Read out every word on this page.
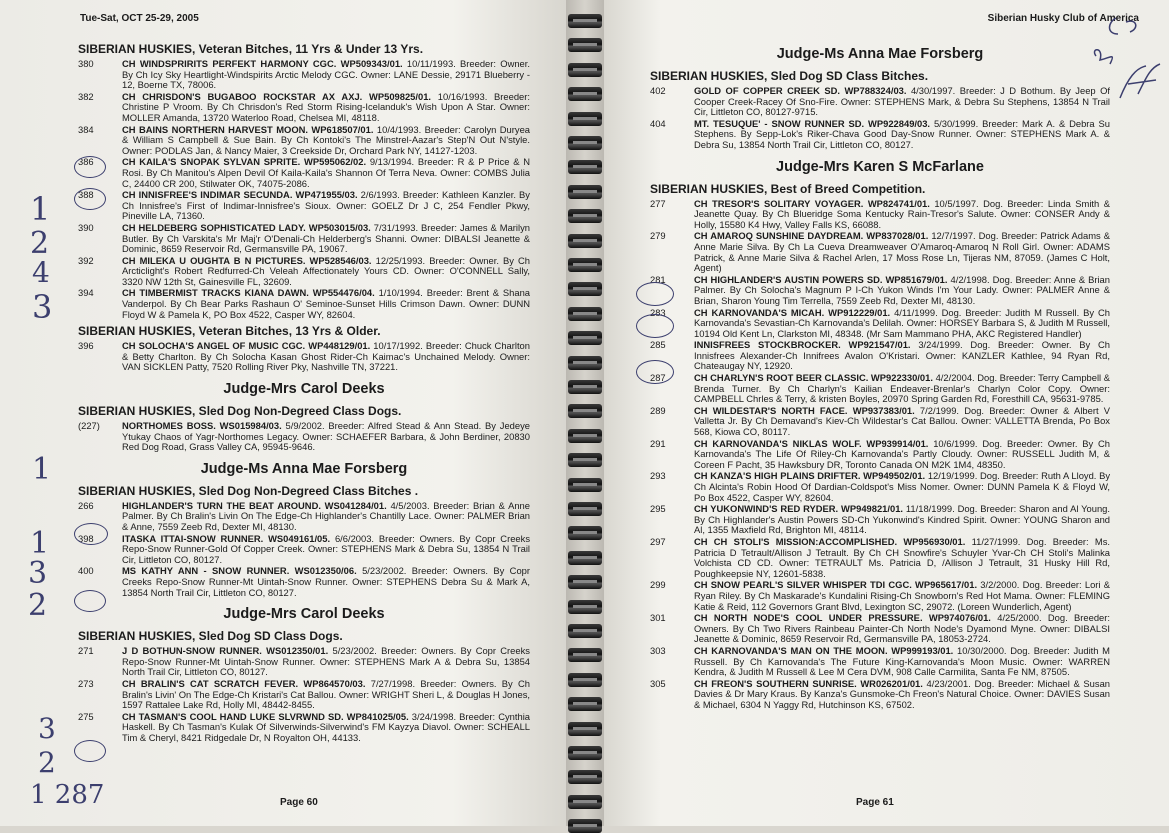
Tue-Sat, OCT 25-29, 2005
SIBERIAN HUSKIES, Veteran Bitches, 11 Yrs & Under 13 Yrs.
380	CH WINDSPRIRITS PERFEKT HARMONY CGC. WP509343/01. 10/11/1993. Breeder: Owner. By Ch Icy Sky Heartlight-Windspirits Arctic Melody CGC. Owner: LANE Dessie, 29171 Blueberry - 12, Boerne TX, 78006.
382	CH CHRISDON'S BUGABOO ROCKSTAR AX AXJ. WP509825/01. 10/16/1993. Breeder: Christine P Vroom. By Ch Chrisdon's Red Storm Rising-Icelanduk's Wish Upon A Star. Owner: MOLLER Amanda, 13720 Waterloo Road, Chelsea MI, 48118.
384	CH BAINS NORTHERN HARVEST MOON. WP618507/01. 10/4/1993. Breeder: Carolyn Duryea & William S Campbell & Sue Bain. By Ch Kontoki's The Minstrel-Aazar's Step'N Out N'style. Owner: PODLAS Jan, & Nancy Maier, 3 Creekside Dr, Orchard Park NY, 14127-1203.
386	CH KAILA'S SNOPAK SYLVAN SPRITE. WP595062/02. 9/13/1994. Breeder: R & P Price & N Rosi. By Ch Manitou's Alpen Devil Of Kaila-Kaila's Shannon Of Terra Neva. Owner: COMBS Julia C, 24400 CR 200, Stilwater OK, 74075-2086.
388	CH INNISFREE'S INDIMAR SECUNDA. WP471955/03. 2/6/1993. Breeder: Kathleen Kanzler. By Ch Innisfree's First of Indimar-Innisfree's Sioux. Owner: GOELZ Dr J C, 254 Fendler Pkwy, Pineville LA, 71360.
390	CH HELDEBERG SOPHISTICATED LADY. WP503015/03. 7/31/1993. Breeder: James & Marilyn Butler. By Ch Varskita's Mr Maj'r O'Denali-Ch Helderberg's Shanni. Owner: DIBALSI Jeanette & Dominic, 8659 Reservoir Rd, Germansville PA, 19067.
392	CH MILEKA U OUGHTA B N PICTURES. WP528546/03. 12/25/1993. Breeder: Owner. By Ch Arcticlight's Robert Redfurred-Ch Veleah Affectionately Yours CD. Owner: O'CONNELL Sally, 3320 NW 12th St, Gainesville FL, 32609.
394	CH TIMBERMIST TRACKS KIANA DAWN. WP554476/04. 1/10/1994. Breeder: Brent & Shana Vanderpol. By Ch Bear Parks Rashaun O' Seminoe-Sunset Hills Crimson Dawn. Owner: DUNN Floyd W & Pamela K, PO Box 4522, Casper WY, 82604.
SIBERIAN HUSKIES, Veteran Bitches, 13 Yrs & Older.
396	CH SOLOCHA'S ANGEL OF MUSIC CGC. WP448129/01. 10/17/1992. Breeder: Chuck Charlton & Betty Charlton. By Ch Solocha Kasan Ghost Rider-Ch Kaimac's Unchained Melody. Owner: VAN SICKLEN Patty, 7520 Rolling River Pky, Nashville TN, 37221.
Judge-Mrs Carol Deeks
SIBERIAN HUSKIES, Sled Dog Non-Degreed Class Dogs.
(227)	NORTHOMES BOSS. WS015984/03. 5/9/2002. Breeder: Alfred Stead & Ann Stead. By Jedeye Ytukay Chaos of Yagr-Northomes Legacy. Owner: SCHAEFER Barbara, & John Berdiner, 20830 Red Dog Road, Grass Valley CA, 95945-9646.
Judge-Ms Anna Mae Forsberg
SIBERIAN HUSKIES, Sled Dog Non-Degreed Class Bitches .
266	HIGHLANDER'S TURN THE BEAT AROUND. WS041284/01. 4/5/2003. Breeder: Brian & Anne Palmer. By Ch Bralin's Livin On The Edge-Ch Highlander's Chantilly Lace. Owner: PALMER Brian & Anne, 7559 Zeeb Rd, Dexter MI, 48130.
398	ITASKA ITTAI-SNOW RUNNER. WS049161/05. 6/6/2003. Breeder: Owners. By Copr Creeks Repo-Snow Runner-Gold Of Copper Creek. Owner: STEPHENS Mark & Debra Su, 13854 N Trail Cir, Littleton CO, 80127.
400	MS KATHY ANN - SNOW RUNNER. WS012350/06. 5/23/2002. Breeder: Owners. By Copr Creeks Repo-Snow Runner-Mt Uintah-Snow Runner. Owner: STEPHENS Debra Su & Mark A, 13854 North Trail Cir, Littleton CO, 80127.
Judge-Mrs Carol Deeks
SIBERIAN HUSKIES, Sled Dog SD Class Dogs.
271	J D BOTHUN-SNOW RUNNER. WS012350/01. 5/23/2002. Breeder: Owners. By Copr Creeks Repo-Snow Runner-Mt Uintah-Snow Runner. Owner: STEPHENS Mark A & Debra Su, 13854 North Trail Cir, Littleton CO, 80127.
273	CH BRALIN'S CAT SCRATCH FEVER. WP864570/03. 7/27/1998. Breeder: Owners. By Ch Bralin's Livin' On The Edge-Ch Kristari's Cat Ballou. Owner: WRIGHT Sheri L, & Douglas H Jones, 1597 Rattalee Lake Rd, Holly MI, 48442-8455.
275	CH TASMAN'S COOL HAND LUKE SLVRWND SD. WP841025/05. 3/24/1998. Breeder: Cynthia Haskell. By Ch Tasman's Kulak Of Silverwinds-Silverwind's FM Kayzya Diavol. Owner: SCHEALL Tim & Cheryl, 8421 Ridgedale Dr, N Royalton OH, 44133.
Page 60
Siberian Husky Club of America
Judge-Ms Anna Mae Forsberg
SIBERIAN HUSKIES, Sled Dog SD Class Bitches.
402	GOLD OF COPPER CREEK SD. WP788324/03. 4/30/1997. Breeder: J D Bothum. By Jeep Of Cooper Creek-Racey Of Sno-Fire. Owner: STEPHENS Mark, & Debra Su Stephens, 13854 N Trail Cir, Littleton CO, 80127-9715.
404	MT. TESUQUE' - SNOW RUNNER SD. WP922849/03. 5/30/1999. Breeder: Mark A. & Debra Su Stephens. By Sepp-Lok's Riker-Chava Good Day-Snow Runner. Owner: STEPHENS Mark A. & Debra Su, 13854 North Trail Cir, Littleton CO, 80127.
Judge-Mrs Karen S McFarlane
SIBERIAN HUSKIES, Best of Breed Competition.
277	CH TRESOR'S SOLITARY VOYAGER. WP824741/01. 10/5/1997. Dog. Breeder: Linda Smith & Jeanette Quay. By Ch Blueridge Soma Kentucky Rain-Tresor's Salute. Owner: CONSER Andy & Holly, 15580 K4 Hwy, Valley Falls KS, 66088.
279	CH AMAROQ SUNSHINE DAYDREAM. WP837028/01. 12/7/1997. Dog. Breeder: Patrick Adams & Anne Marie Silva. By Ch La Cueva Dreamweaver O'Amaroq-Amaroq N Roll Girl. Owner: ADAMS Patrick, & Anne Marie Silva & Rachel Arlen, 17 Moss Rose Ln, Tijeras NM, 87059. (James C Holt, Agent)
281	CH HIGHLANDER'S AUSTIN POWERS SD. WP851679/01. 4/2/1998. Dog. Breeder: Anne & Brian Palmer. By Ch Solocha's Magnum P I-Ch Yukon Winds I'm Your Lady. Owner: PALMER Anne & Brian, Sharon Young Tim Terrella, 7559 Zeeb Rd, Dexter MI, 48130.
283	CH KARNOVANDA'S MICAH. WP912229/01. 4/11/1999. Dog. Breeder: Judith M Russell. By Ch Karnovanda's Sevastian-Ch Karnovanda's Delilah. Owner: HORSEY Barbara S, & Judith M Russell, 10194 Old Kent Ln, Clarkston MI, 48348. (Mr Sam Mammano PHA, AKC Registered Handler)
285	INNISFREES STOCKBROCKER. WP921547/01. 3/24/1999. Dog. Breeder: Owner. By Ch Innisfrees Alexander-Ch Innifrees Avalon O'Kristari. Owner: KANZLER Kathlee, 94 Ryan Rd, Chateaugay NY, 12920.
287	CH CHARLYN'S ROOT BEER CLASSIC. WP922330/01. 4/2/2004. Dog. Breeder: Terry Campbell & Brenda Turner. By Ch Charlyn's Kailian Endeaver-Brenlar's Charlyn Color Copy. Owner: CAMPBELL Chrles & Terry, & kristen Boyles, 20970 Spring Garden Rd, Foresthill CA, 95631-9785.
289	CH WILDESTAR'S NORTH FACE. WP937383/01. 7/2/1999. Dog. Breeder: Owner & Albert V Valletta Jr. By Ch Demavand's Kiev-Ch Wildestar's Cat Ballou. Owner: VALLETTA Brenda, Po Box 568, Kiowa CO, 80117.
291	CH KARNOVANDA'S NIKLAS WOLF. WP939914/01. 10/6/1999. Dog. Breeder: Owner. By Ch Karnovanda's The Life Of Riley-Ch Karnovanda's Partly Cloudy. Owner: RUSSELL Judith M, & Coreen F Pacht, 35 Hawksbury DR, Toronto Canada ON M2K 1M4, 48350.
293	CH KANZA'S HIGH PLAINS DRIFTER. WP949502/01. 12/19/1999. Dog. Breeder: Ruth A Lloyd. By Ch Alcinta's Robin Hood Of Dardian-Coldspot's Miss Nomer. Owner: DUNN Pamela K & Floyd W, Po Box 4522, Casper WY, 82604.
295	CH YUKONWIND'S RED RYDER. WP949821/01. 11/18/1999. Dog. Breeder: Sharon and Al Young. By Ch Highlander's Austin Powers SD-Ch Yukonwind's Kindred Spirit. Owner: YOUNG Sharon and Al, 1355 Maxfield Rd, Brighton MI, 48114.
297	CH CH STOLI'S MISSION:ACCOMPLISHED. WP956930/01. 11/27/1999. Dog. Breeder: Ms. Patricia D Tetrault/Allison J Tetrault. By Ch CH Snowfire's Schuyler Yvar-Ch CH Stoli's Malinka Volchista CD CD. Owner: TETRAULT Ms. Patricia D, /Allison J Tetrault, 31 Husky Hill Rd, Poughkeepsie NY, 12601-5838.
299	CH SNOW PEARL'S SILVER WHISPER TDI CGC. WP965617/01. 3/2/2000. Dog. Breeder: Lori & Ryan Riley. By Ch Maskarade's Kundalini Rising-Ch Snowborn's Red Hot Mama. Owner: FLEMING Katie & Reid, 112 Governors Grant Blvd, Lexington SC, 29072. (Loreen Wunderlich, Agent)
301	CH NORTH NODE'S COOL UNDER PRESSURE. WP974076/01. 4/25/2000. Dog. Breeder: Owners. By Ch Two Rivers Rainbeau Painter-Ch North Node's Dyamond Myne. Owner: DIBALSI Jeanette & Dominic, 8659 Reservoir Rd, Germansville PA, 18053-2724.
303	CH KARNOVANDA'S MAN ON THE MOON. WP999193/01. 10/30/2000. Dog. Breeder: Judith M Russell. By Ch Karnovanda's The Future King-Karnovanda's Moon Music. Owner: WARREN Kendra, & Judith M Russell & Lee M Cera DVM, 908 Calle Carmilita, Santa Fe NM, 87505.
305	CH FREON'S SOUTHERN SUNRISE. WR026201/01. 4/23/2001. Dog. Breeder: Michael & Susan Davies & Dr Mary Kraus. By Kanza's Gunsmoke-Ch Freon's Natural Choice. Owner: DAVIES Susan & Michael, 6304 N Yaggy Rd, Hutchinson KS, 67502.
Page 61
1
2
4
3
1
1
3
2
3
2
1 287
